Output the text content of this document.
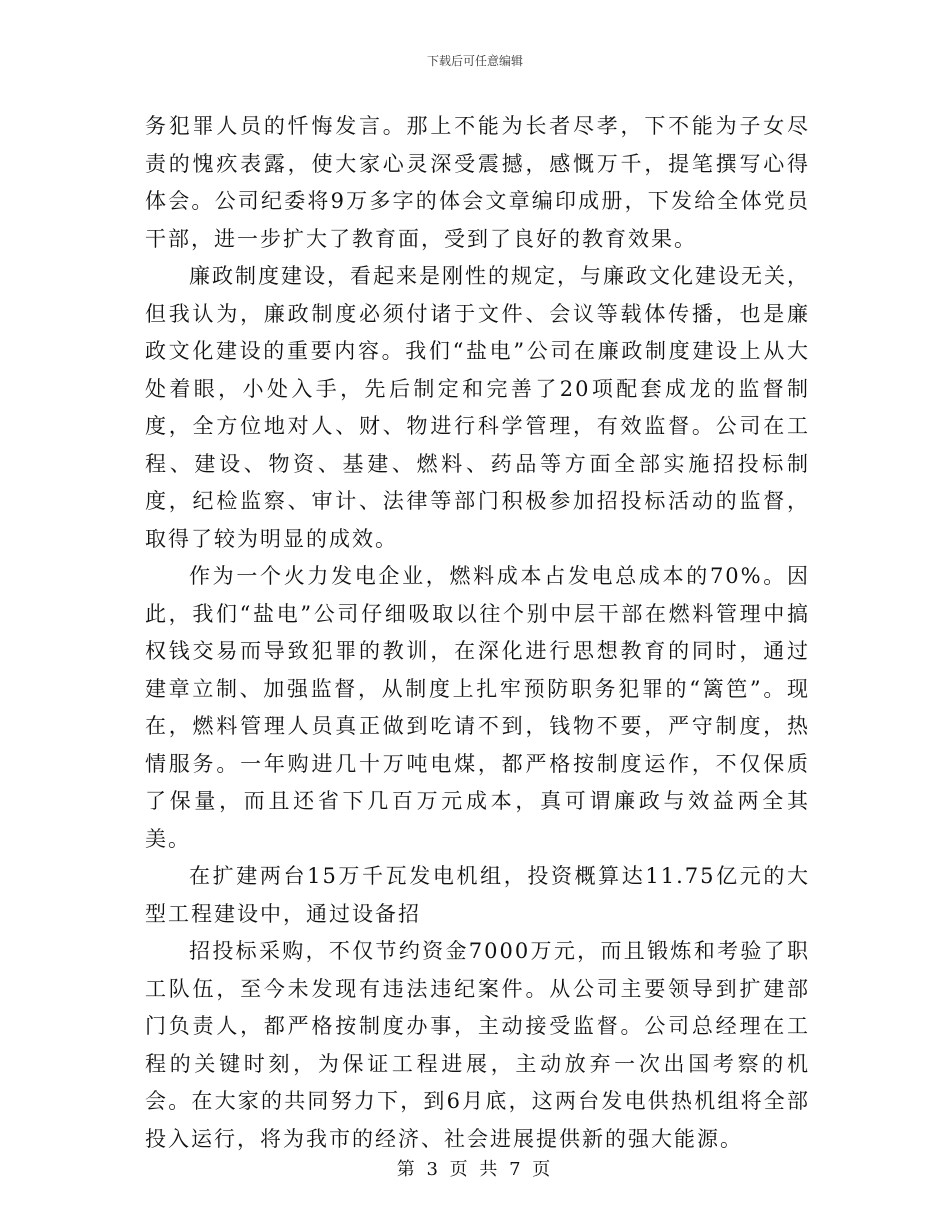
下载后可任意编辑

务犯罪人员的忏悔发言。那上不能为长者尽孝，下不能为子女尽责的愧疚表露，使大家心灵深受震撼，感慨万千，提笔撰写心得体会。公司纪委将9万多字的体会文章编印成册，下发给全体党员干部，进一步扩大了教育面，受到了良好的教育效果。

廉政制度建设，看起来是刚性的规定，与廉政文化建设无关，但我认为，廉政制度必须付诸于文件、会议等载体传播，也是廉政文化建设的重要内容。我们“盐电”公司在廉政制度建设上从大处着眼，小处入手，先后制定和完善了20项配套成龙的监督制度，全方位地对人、财、物进行科学管理，有效监督。公司在工程、建设、物资、基建、燃料、药品等方面全部实施招投标制度，纪检监察、审计、法律等部门积极参加招投标活动的监督，取得了较为明显的成效。

作为一个火力发电企业，燃料成本占发电总成本的70%。因此，我们“盐电”公司仔细吸取以往个别中层干部在燃料管理中搞权钱交易而导致犯罪的教训，在深化进行思想教育的同时，通过建章立制、加强监督，从制度上扎牢预防职务犯罪的“篱笆”。现在，燃料管理人员真正做到吃请不到，钱物不要，严守制度，热情服务。一年购进几十万吨电煤，都严格按制度运作，不仅保质了保量，而且还省下几百万元成本，真可谓廉政与效益两全其美。

在扩建两台15万千瓦发电机组，投资概算达11.75亿元的大型工程建设中，通过设备招

招投标采购，不仅节约资金7000万元，而且锻炼和考验了职工队伍，至今未发现有违法违纪案件。从公司主要领导到扩建部门负责人，都严格按制度办事，主动接受监督。公司总经理在工程的关键时刻，为保证工程进展，主动放弃一次出国考察的机会。在大家的共同努力下，到6月底，这两台发电供热机组将全部投入运行，将为我市的经济、社会进展提供新的强大能源。

第 3 页 共 7 页
